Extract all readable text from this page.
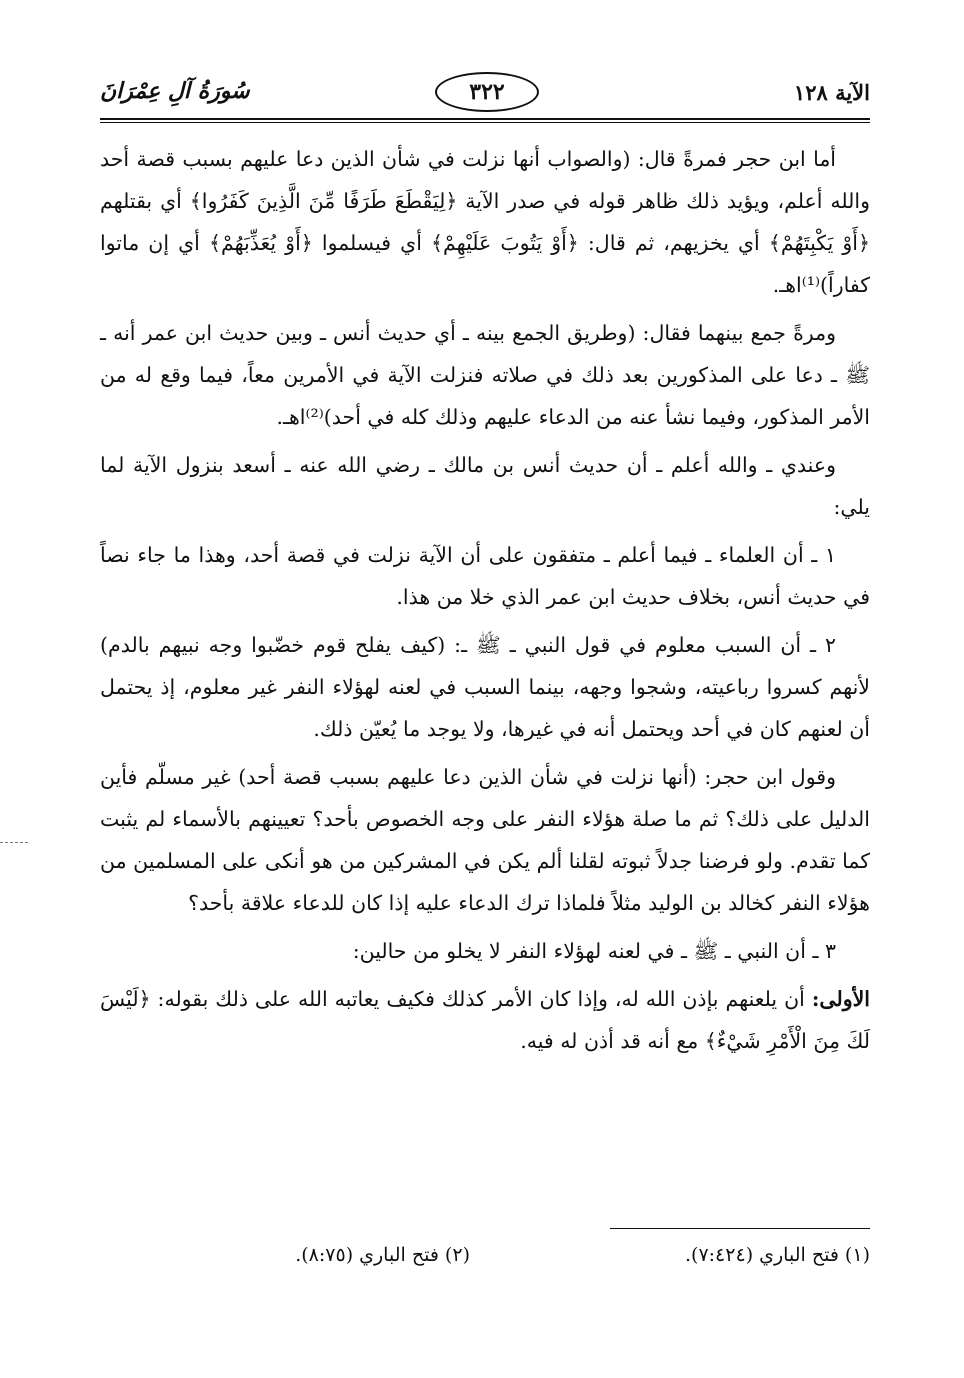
الآية ١٢٨
٣٢٢
سُورَةُ آلِ عِمْرَانَ

أما ابن حجر فمرةً قال: (والصواب أنها نزلت في شأن الذين دعا عليهم بسبب قصة أحد والله أعلم، ويؤيد ذلك ظاهر قوله في صدر الآية ﴿لِيَقْطَعَ طَرَفًا مِّنَ الَّذِينَ كَفَرُوا﴾ أي بقتلهم ﴿أَوْ يَكْبِتَهُمْ﴾ أي يخزيهم، ثم قال: ﴿أَوْ يَتُوبَ عَلَيْهِمْ﴾ أي فيسلموا ﴿أَوْ يُعَذِّبَهُمْ﴾ أي إن ماتوا كفاراً)⁽¹⁾اهـ.

ومرةً جمع بينهما فقال: (وطريق الجمع بينه ـ أي حديث أنس ـ وبين حديث ابن عمر أنه ـ ﷺ ـ دعا على المذكورين بعد ذلك في صلاته فنزلت الآية في الأمرين معاً، فيما وقع له من الأمر المذكور، وفيما نشأ عنه من الدعاء عليهم وذلك كله في أحد)⁽²⁾اهـ.

وعندي ـ والله أعلم ـ أن حديث أنس بن مالك ـ رضي الله عنه ـ أسعد بنزول الآية لما يلي:

١ ـ أن العلماء ـ فيما أعلم ـ متفقون على أن الآية نزلت في قصة أحد، وهذا ما جاء نصاً في حديث أنس، بخلاف حديث ابن عمر الذي خلا من هذا.

٢ ـ أن السبب معلوم في قول النبي ـ ﷺ ـ: (كيف يفلح قوم خضّبوا وجه نبيهم بالدم) لأنهم كسروا رباعيته، وشجوا وجهه، بينما السبب في لعنه لهؤلاء النفر غير معلوم، إذ يحتمل أن لعنهم كان في أحد ويحتمل أنه في غيرها، ولا يوجد ما يُعيّن ذلك.

وقول ابن حجر: (أنها نزلت في شأن الذين دعا عليهم بسبب قصة أحد) غير مسلّم فأين الدليل على ذلك؟ ثم ما صلة هؤلاء النفر على وجه الخصوص بأحد؟ تعيينهم بالأسماء لم يثبت كما تقدم. ولو فرضنا جدلاً ثبوته لقلنا ألم يكن في المشركين من هو أنكى على المسلمين من هؤلاء النفر كخالد بن الوليد مثلاً فلماذا ترك الدعاء عليه إذا كان للدعاء علاقة بأحد؟

٣ ـ أن النبي ـ ﷺ ـ في لعنه لهؤلاء النفر لا يخلو من حالين:

الأولى: أن يلعنهم بإذن الله له، وإذا كان الأمر كذلك فكيف يعاتبه الله على ذلك بقوله: ﴿لَيْسَ لَكَ مِنَ الْأَمْرِ شَيْءٌ﴾ مع أنه قد أذن له فيه.

(١) فتح الباري (٧:٤٢٤).
(٢) فتح الباري (٨:٧٥).
